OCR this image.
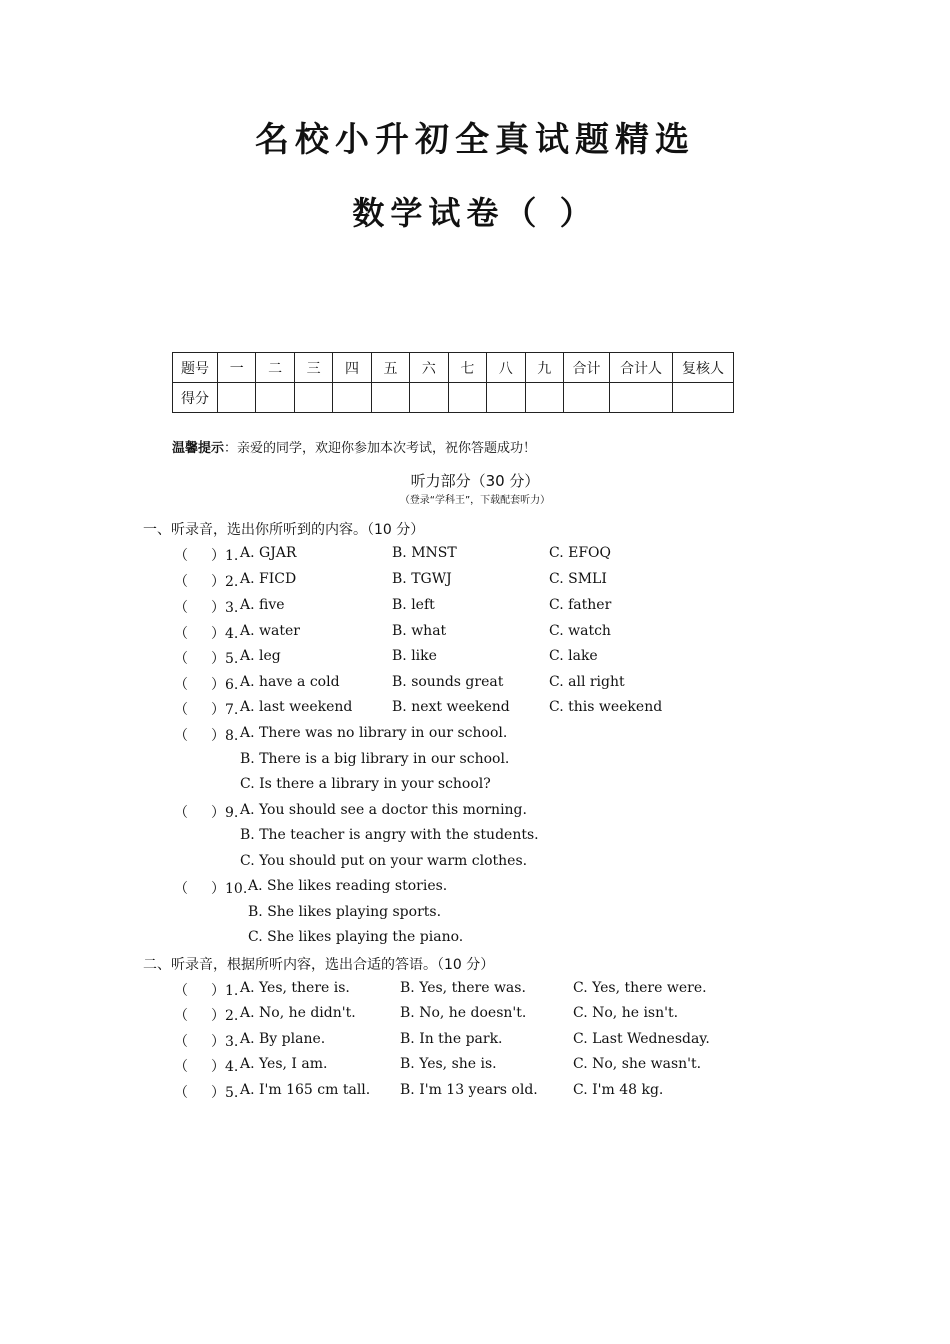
名校小升初全真试题精选
数学试卷（ ）
题号	一	二	三	四	五	六	七	八	九	合计	合计人	复核人
得分												
温馨提示：亲爱的同学，欢迎你参加本次考试，祝你答题成功！
听力部分（30 分）
（登录“学科王”，下载配套听力）
一、听录音，选出你所听到的内容。（10 分）
（ ）1. A. GJAR	B. MNST	C. EFOQ
（ ）2. A. FICD	B. TGWJ	C. SMLI
（ ）3. A. five	B. left	C. father
（ ）4. A. water	B. what	C. watch
（ ）5. A. leg	B. like	C. lake
（ ）6. A. have a cold	B. sounds great	C. all right
（ ）7. A. last weekend	B. next weekend	C. this weekend
（ ）8. A. There was no library in our school.
B. There is a big library in our school.
C. Is there a library in your school?
（ ）9. A. You should see a doctor this morning.
B. The teacher is angry with the students.
C. You should put on your warm clothes.
（ ）10. A. She likes reading stories.
B. She likes playing sports.
C. She likes playing the piano.
二、听录音，根据所听内容，选出合适的答语。（10 分）
（ ）1. A. Yes, there is.	B. Yes, there was.	C. Yes, there were.
（ ）2. A. No, he didn't.	B. No, he doesn't.	C. No, he isn't.
（ ）3. A. By plane.	B. In the park.	C. Last Wednesday.
（ ）4. A. Yes, I am.	B. Yes, she is.	C. No, she wasn't.
（ ）5. A. I'm 165 cm tall. B. I'm 13 years old.	C. I'm 48 kg.
